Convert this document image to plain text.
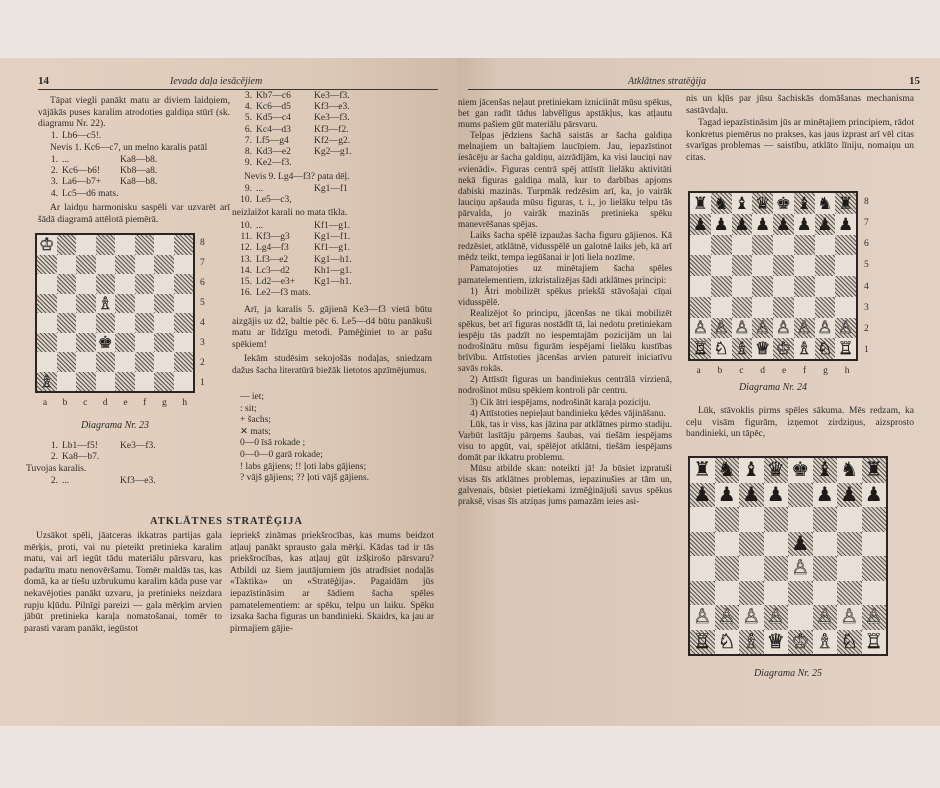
14	Ievada daļa iesācējiem

Tāpat viegli panākt matu ar diviem laidņiem, vājākās puses karalim atrodoties galdiņa stūrī (sk. diagramu Nr. 22).

1. Lb6—c5!.

Nevis 1. Kc6—c7, un melno karalis patāl

1. ...	Ka8—b8.
2. Kc6—b6! Kb8—a8.
3. La6—b7+ Ka8—b8.
4. Lc5—d6 mats.

Ar laidņu harmonisku saspēli var uzvarēt arī šādā diagramā attēlotā piemērā.

♔
♗
♚
♗
8
7
6
5
4
3
2
1
a b c d e f g h
Diagrama Nr. 23
1. Lb1—f5! Ke3—f3.
2. Ka8—b7.

Tuvojas karalis.

2. ...	Kf3—e3.
3. Kb7—c6 Ke3—f3.
4. Kc6—d5 Kf3—e3.
5. Kd5—c4 Ke3—f3.
6. Kc4—d3 Kf3—f2.
7. Lf5—g4	Kf2—g2.
8. Kd3—e2 Kg2—g1.
9. Ke2—f3.

Nevis 9. Lg4—f3? pata dēļ.

9. ...	Kg1—f1
10. Le5—c3,

neizlaižot karali no mata tīkla.

10. ...	Kf1—g1.
11. Kf3—g3	Kg1—f1.
12. Lg4—f3	Kf1—g1.
13. Lf3—e2	Kg1—h1.
14. Lc3—d2	Kh1—g1.
15. Ld2—e3+ Kg1—h1.
16. Le2—f3 mats.

Arī, ja karalis 5. gājienā Ke3—f3 vietā būtu aizgājis uz d2, baltie pēc 6. Le5—d4 būtu panākuši matu ar līdzīgu metodi. Pamēģiniet to ar pašu spēkiem!

Iekām studēsim sekojošās nodaļas, sniedzam dažus šacha literatūrā biežāk lietotos apzīmējumus.

— iet;

: sit;

+ šachs;

✕ mats;

0—0 īsā rokade ;

0—0—0 garā rokade;

! labs gājiens; !! ļoti labs gājiens;

? vājš gājiens; ?? ļoti vājš gājiens.

ATKLĀTNES STRATĒĢIJA

Uzsākot spēli, jāatceras ikkatras partijas gala mērķis, proti, vai nu pieteikt pretinieka karalim matu, vai arī iegūt tādu materiālu pārsvaru, kas padarītu matu nenovēršamu. Tomēr maldās tas, kas domā, ka ar tiešu uzbrukumu karalim kāda puse var nekavējoties panākt uzvaru, ja pretinieks neizdara rupju kļūdu. Pilnīgi pareizi — gala mērķim arvien jābūt pretinieka karaļa nomatošanai, tomēr to parasti varam panākt, iegūstot

iepriekš zināmas priekšrocības, kas mums beidzot atļauj panākt sprausto gala mērķi. Kādas tad ir tās priekšrocības, kas atļauj gūt izšķirošo pārsvaru? Atbildi uz šiem jautājumiem jūs atradīsiet nodaļās «Taktika» un «Stratēģija». Pagaidām jūs iepazīstināsim ar šādiem šacha spēles pamatelementiem: ar spēku, telpu un laiku. Spēku izsaka šacha figuras un bandinieki. Skaidrs, ka jau ar pirmajiem gājie-

Atklātnes stratēģija	15

niem jācenšas neļaut pretiniekam izniciināt mūsu spēkus, bet gan radīt tādus labvēlīgus apstākļus, kas atļautu mums pašiem gūt materiālu pārsvaru.

Telpas jēdziens šachā saistās ar šacha galdiņa melnajiem un baltajiem laucīņiem. Jau, iepazīstinot iesācēju ar šacha galdiņu, aizrādījām, ka visi lauciņi nav «vienādi». Figuras centrā spēj attīstīt lielāku aktivitāti nekā figuras galdiņa malā, kur to darbības apjoms dabiski mazinās. Turpmāk redzēsim arī, ka, jo vairāk lauciņu apšauda mūsu figuras, t. i., jo lielāku telpu tās pārvalda, jo vairāk mazinās pretinieka spēku manevrēšanas spējas.

Laiks šacha spēlē izpaužas šacha figuru gājienos. Kā redzēsiet, atklātnē, vidusspēlē un galotnē laiks jeb, kā arī mēdz teikt, tempa iegūšanai ir ļoti liela nozīme.

Pamatojoties uz minētajiem šacha spēles pamatelementiem, izkristalizējas šādi atklātnes principi:

1) Ātri mobilizēt spēkus priekšā stāvošajai cīņai vidusspēlē.

Realizējot šo principu, jācenšas ne tikai mobilizēt spēkus, bet arī figuras nostādīt tā, lai nedotu pretiniekam iespēju tās padzīt no iespemtajām pozicijām un lai nodrošinātu mūsu figurām iespējami lielāku kustības brīvību. Attīstoties jācenšas arvien patureit iniciatīvu savās rokās.

2) Attīstīt figuras un bandiniekus centrālā virzienā, nodrošinot mūsu spēkiem kontroli pār centru.

3) Cik ātri iespējams, nodrošināt karaļa poziciju.

4) Attīstoties nepieļaut bandinieku ķēdes vājināšanu.

Lūk, tas ir viss, kas jāzina par atklātnes pirmo stadiju. Varbūt lasītāju pārņems šaubas, vai tiešām iespējams visu to apgūt, vai, spēlējot atklātni, tiešām iespējams domāt par ikkatru problemu.

Mūsu atbilde skan: noteikti jā! Ja būsiet izpratuši visas šīs atklātnes problemas, iepazinušies ar tām un, galvenais, būsiet pietiekami izmēģinājuši savus spēkus praksē, visas šīs atziņas jums pamazām ieies asi-

nis un kļūs par jūsu šachiskās domāšanas mechanisma sastāvdaļu.

Tagad iepazīstināsim jūs ar minētajiem principiem, rādot konkretus piemērus no prakses, kas jaus izprast arī vēl citas svarīgas problemas — saistību, atklāto līniju, nomaiņu un citas.

♜ ♞ ♝ ♛ ♚ ♝ ♞ ♜
♟ ♟ ♟ ♟ ♟ ♟ ♟ ♟
♙ ♙ ♙ ♙ ♙ ♙ ♙ ♙
♖ ♘ ♗ ♕ ♔ ♗ ♘ ♖
8
7
6
5
4
3
2
1
a b c d e f g h
Diagrama Nr. 24

Lūk, stāvoklis pirms spēles sākuma. Mēs redzam, ka ceļu visām figurām, izņemot zirdziņus, aizsprosto bandinieki, un tāpēc,

♜ ♞ ♝ ♛ ♚ ♝ ♞ ♜
♟ ♟ ♟ ♟ ♟ ♟ ♟
♟
♙
♙ ♙ ♙ ♙ ♙ ♙ ♙
♖ ♘ ♗ ♕ ♔ ♗ ♘ ♖
Diagrama Nr. 25
